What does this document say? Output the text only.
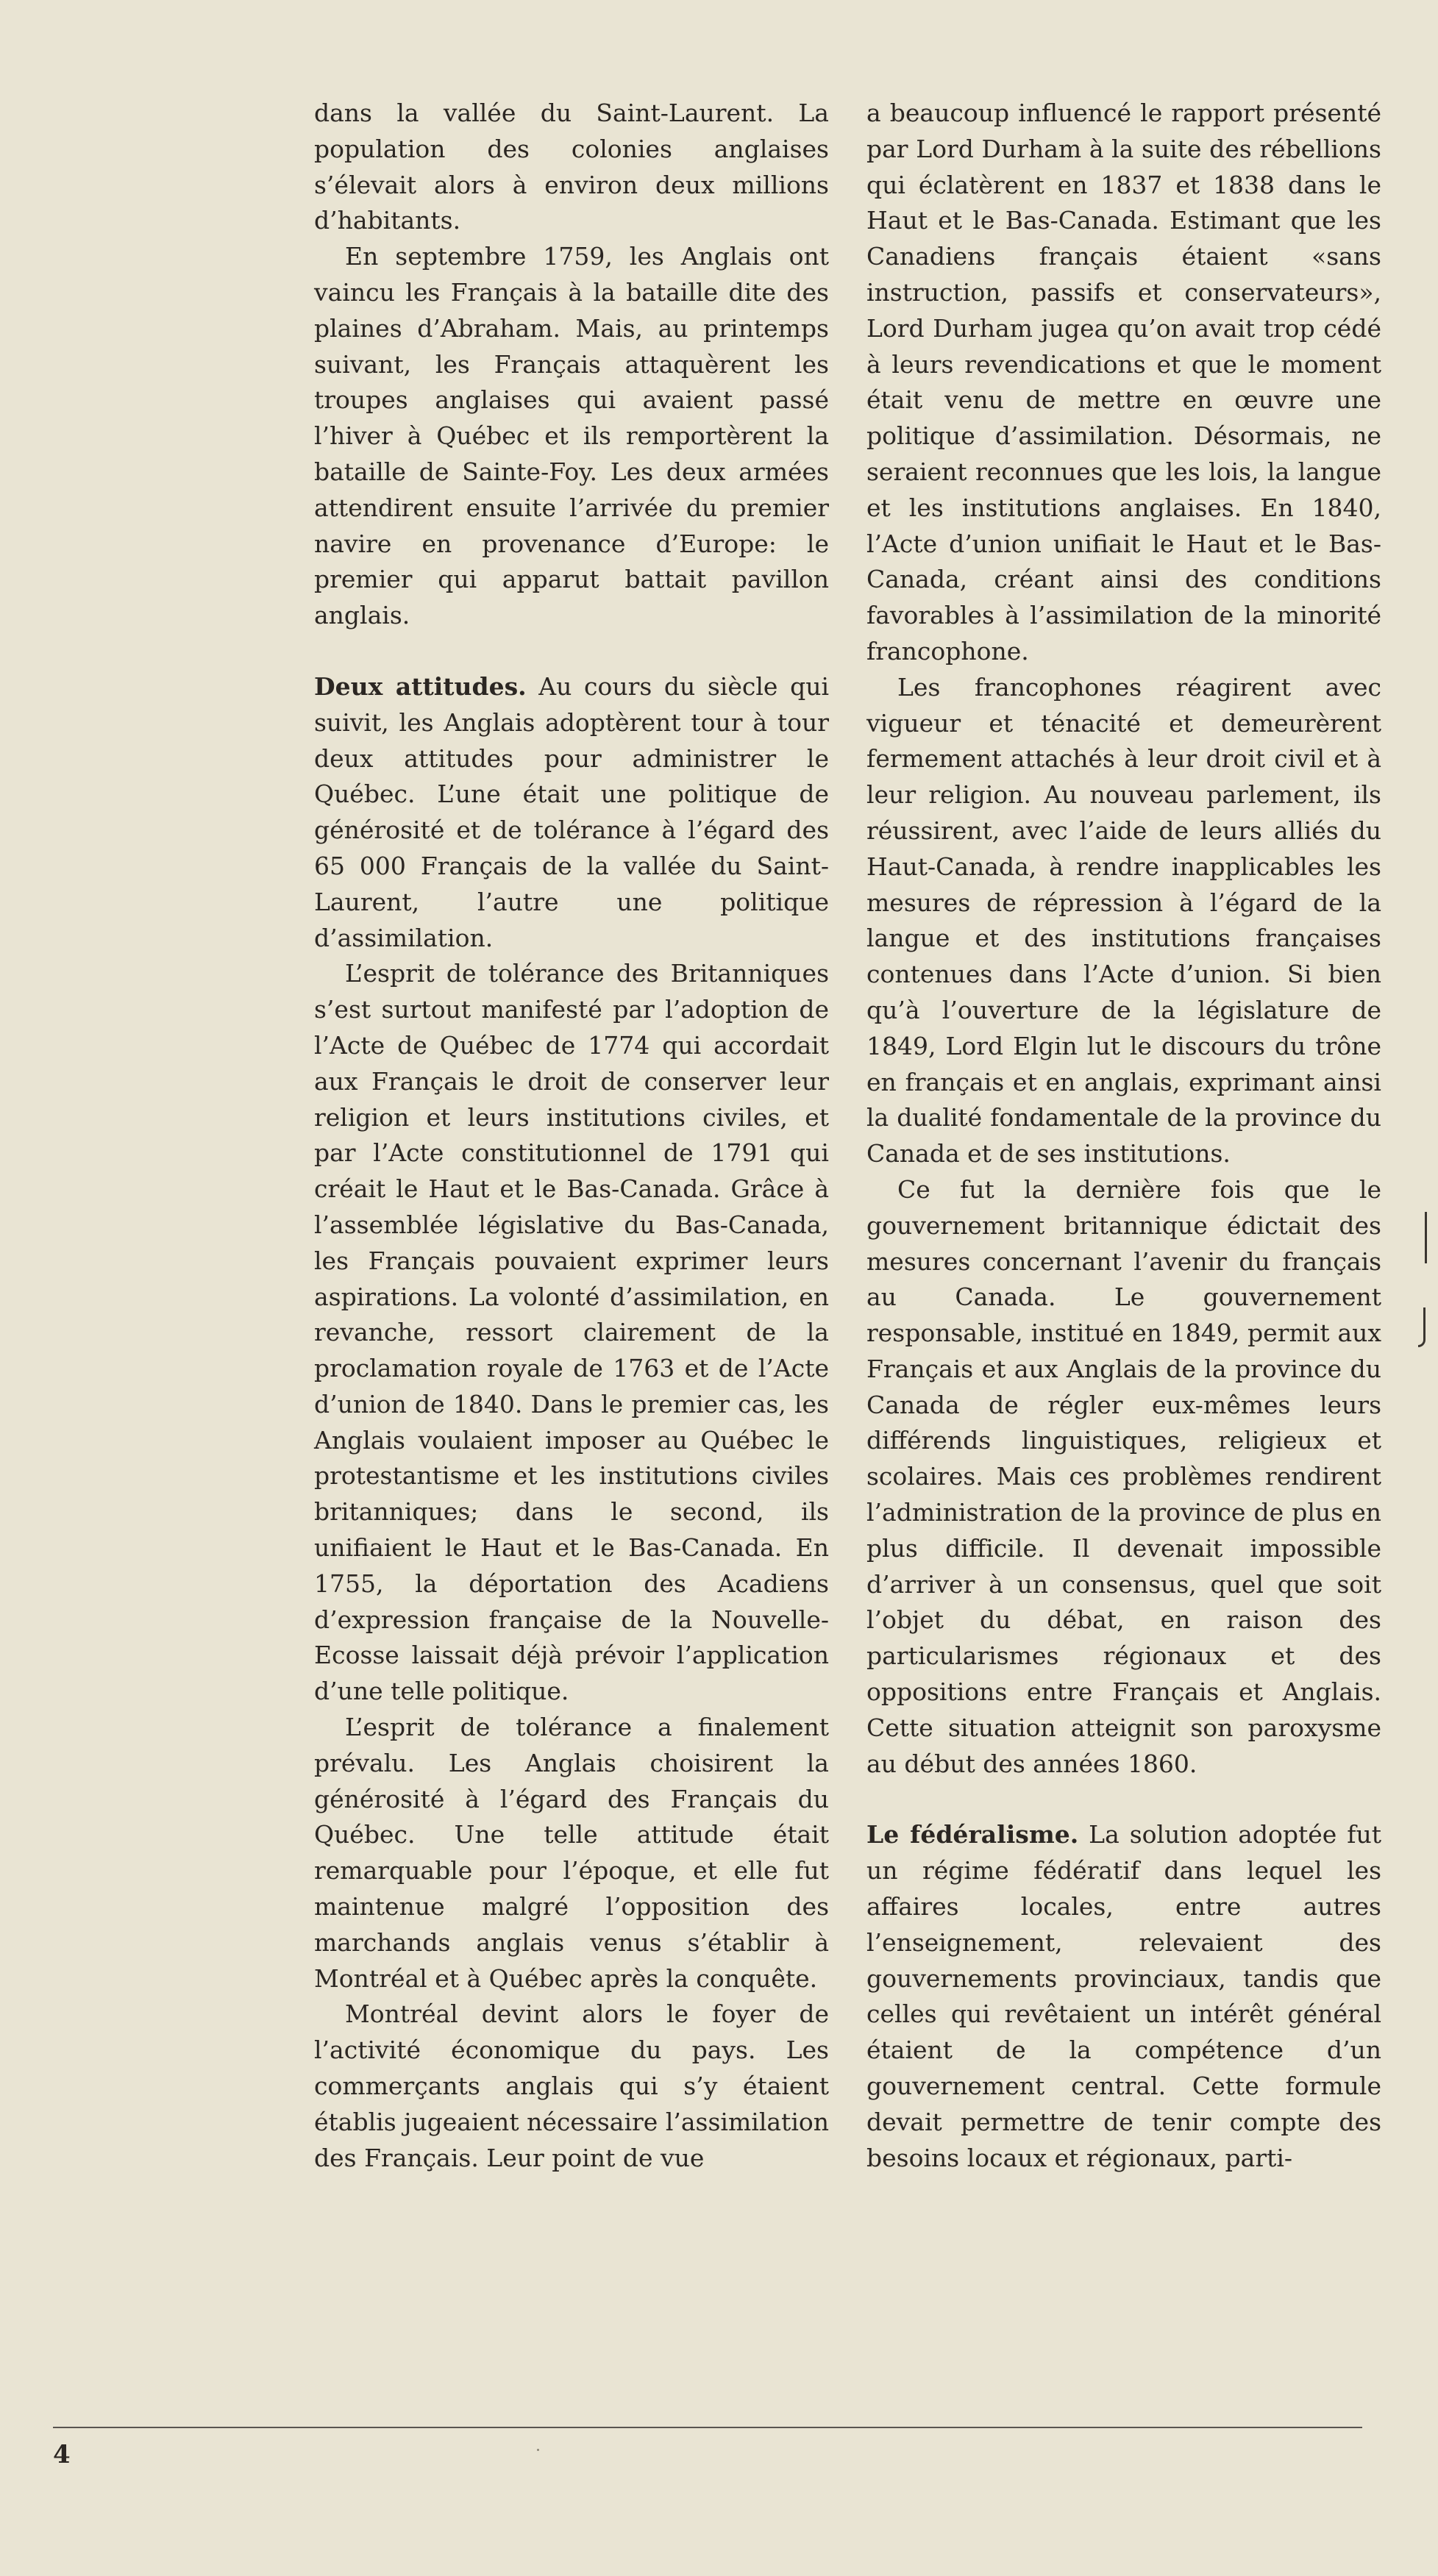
dans la vallée du Saint-Laurent. La population des colonies anglaises s’élevait alors à environ deux millions d’habitants.

En septembre 1759, les Anglais ont vaincu les Français à la bataille dite des plaines d’Abraham. Mais, au printemps suivant, les Français attaquèrent les troupes anglaises qui avaient passé l’hiver à Québec et ils remportèrent la bataille de Sainte-Foy. Les deux armées attendirent ensuite l’arrivée du premier navire en provenance d’Europe: le premier qui apparut battait pavillon anglais.

Deux attitudes. Au cours du siècle qui suivit, les Anglais adoptèrent tour à tour deux attitudes pour administrer le Québec. L’une était une politique de générosité et de tolérance à l’égard des 65 000 Français de la vallée du Saint-Laurent, l’autre une politique d’assimilation.

L’esprit de tolérance des Britanniques s’est surtout manifesté par l’adoption de l’Acte de Québec de 1774 qui accordait aux Français le droit de conserver leur religion et leurs institutions civiles, et par l’Acte constitutionnel de 1791 qui créait le Haut et le Bas-Canada. Grâce à l’assemblée législative du Bas-Canada, les Français pouvaient exprimer leurs aspirations. La volonté d’assimilation, en revanche, ressort clairement de la proclamation royale de 1763 et de l’Acte d’union de 1840. Dans le premier cas, les Anglais voulaient imposer au Québec le protestantisme et les institutions civiles britanniques; dans le second, ils unifiaient le Haut et le Bas-Canada. En 1755, la déportation des Acadiens d’expression française de la Nouvelle-Ecosse laissait déjà prévoir l’application d’une telle politique.

L’esprit de tolérance a finalement prévalu. Les Anglais choisirent la générosité à l’égard des Français du Québec. Une telle attitude était remarquable pour l’époque, et elle fut maintenue malgré l’opposition des marchands anglais venus s’établir à Montréal et à Québec après la conquête.

Montréal devint alors le foyer de l’activité économique du pays. Les commerçants anglais qui s’y étaient établis jugeaient nécessaire l’assimilation des Français. Leur point de vue

a beaucoup influencé le rapport présenté par Lord Durham à la suite des rébellions qui éclatèrent en 1837 et 1838 dans le Haut et le Bas-Canada. Estimant que les Canadiens français étaient «sans instruction, passifs et conservateurs», Lord Durham jugea qu’on avait trop cédé à leurs revendications et que le moment était venu de mettre en œuvre une politique d’assimilation. Désormais, ne seraient reconnues que les lois, la langue et les institutions anglaises. En 1840, l’Acte d’union unifiait le Haut et le Bas-Canada, créant ainsi des conditions favorables à l’assimilation de la minorité francophone.

Les francophones réagirent avec vigueur et ténacité et demeurèrent fermement attachés à leur droit civil et à leur religion. Au nouveau parlement, ils réussirent, avec l’aide de leurs alliés du Haut-Canada, à rendre inapplicables les mesures de répression à l’égard de la langue et des institutions françaises contenues dans l’Acte d’union. Si bien qu’à l’ouverture de la législature de 1849, Lord Elgin lut le discours du trône en français et en anglais, exprimant ainsi la dualité fondamentale de la province du Canada et de ses institutions.

Ce fut la dernière fois que le gouvernement britannique édictait des mesures concernant l’avenir du français au Canada. Le gouvernement responsable, institué en 1849, permit aux Français et aux Anglais de la province du Canada de régler eux-mêmes leurs différends linguistiques, religieux et scolaires. Mais ces problèmes rendirent l’administration de la province de plus en plus difficile. Il devenait impossible d’arriver à un consensus, quel que soit l’objet du débat, en raison des particularismes régionaux et des oppositions entre Français et Anglais. Cette situation atteignit son paroxysme au début des années 1860.

Le fédéralisme. La solution adoptée fut un régime fédératif dans lequel les affaires locales, entre autres l’enseignement, relevaient des gouvernements provinciaux, tandis que celles qui revêtaient un intérêt général étaient de la compétence d’un gouvernement central. Cette formule devait permettre de tenir compte des besoins locaux et régionaux, parti-

4
